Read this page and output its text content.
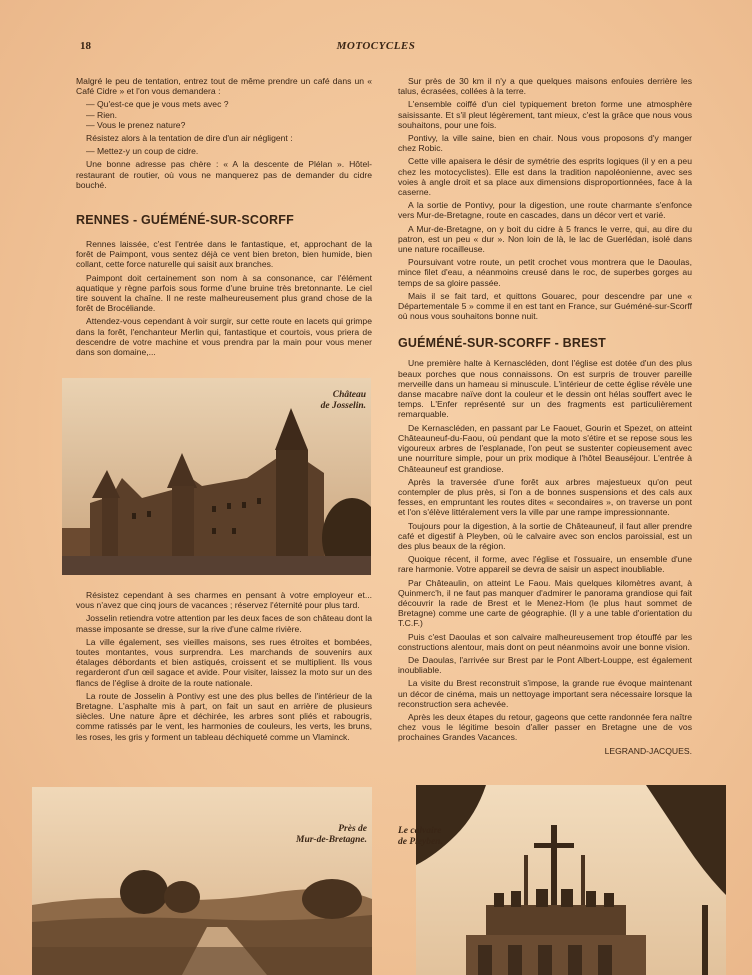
18	MOTOCYCLES

Malgré le peu de tentation, entrez tout de même prendre un café dans un « Café Cidre » et l'on vous demandera :

— Qu'est-ce que je vous mets avec ?

— Rien.

— Vous le prenez nature?

Résistez alors à la tentation de dire d'un air négligent :

— Mettez-y un coup de cidre.

Une bonne adresse pas chère : « A la descente de Plélan ». Hôtel-restaurant de routier, où vous ne manquerez pas de demander du cidre bouché.

RENNES - GUÉMÉNÉ-SUR-SCORFF

Rennes laissée, c'est l'entrée dans le fantastique, et, approchant de la forêt de Paimpont, vous sentez déjà ce vent bien breton, bien humide, bien collant, cette force naturelle qui saisit aux branches.

Paimpont doit certainement son nom à sa consonance, car l'élément aquatique y règne parfois sous forme d'une bruine très bretonnante. Le ciel tire souvent la chaîne. Il ne reste malheureusement plus grand chose de la forêt de Brocéliande.

Attendez-vous cependant à voir surgir, sur cette route en lacets qui grimpe dans la forêt, l'enchanteur Merlin qui, fantastique et courtois, vous priera de descendre de votre machine et vous prendra par la main pour vous mener dans son domaine,...

Château
de Josselin.

Résistez cependant à ses charmes en pensant à votre employeur et... vous n'avez que cinq jours de vacances ; réservez l'éternité pour plus tard.

Josselin retiendra votre attention par les deux faces de son château dont la masse imposante se dresse, sur la rive d'une calme rivière.

La ville également, ses vieilles maisons, ses rues étroites et bombées, toutes montantes, vous surprendra. Les marchands de souvenirs aux étalages débordants et bien astiqués, croissent et se multiplient. Ils vous regarderont d'un œil sagace et avide. Pour visiter, laissez la moto sur un des flancs de l'église à droite de la route nationale.

La route de Josselin à Pontivy est une des plus belles de l'intérieur de la Bretagne. L'asphalte mis à part, on fait un saut en arrière de plusieurs siècles. Une nature âpre et déchirée, les arbres sont pliés et rabougris, comme ratissés par le vent, les harmonies de couleurs, les verts, les bruns, les roses, les gris y forment un tableau déchiqueté comme un Vlaminck.

Sur près de 30 km il n'y a que quelques maisons enfouies derrière les talus, écrasées, collées à la terre.

L'ensemble coiffé d'un ciel typiquement breton forme une atmosphère saisissante. Et s'il pleut légèrement, tant mieux, c'est la grâce que nous vous souhaitons, pour une fois.

Pontivy, la ville saine, bien en chair. Nous vous proposons d'y manger chez Robic.

Cette ville apaisera le désir de symétrie des esprits logiques (il y en a peu chez les motocyclistes). Elle est dans la tradition napoléonienne, avec ses voies à angle droit et sa place aux dimensions disproportionnées, face à la caserne.

A la sortie de Pontivy, pour la digestion, une route charmante s'enfonce vers Mur-de-Bretagne, route en cascades, dans un décor vert et varié.

A Mur-de-Bretagne, on y boit du cidre à 5 francs le verre, qui, au dire du patron, est un peu « dur ». Non loin de là, le lac de Guerlédan, isolé dans une nature rocailleuse.

Poursuivant votre route, un petit crochet vous montrera que le Daoulas, mince filet d'eau, a néanmoins creusé dans le roc, de superbes gorges au temps de sa gloire passée.

Mais il se fait tard, et quittons Gouarec, pour descendre par une « Départementale 5 » comme il en est tant en France, sur Guéméné-sur-Scorff où nous vous souhaitons bonne nuit.

GUÉMÉNÉ-SUR-SCORFF - BREST

Une première halte à Kernascléden, dont l'église est dotée d'un des plus beaux porches que nous connaissons. On est surpris de trouver pareille merveille dans un hameau si minuscule. L'intérieur de cette église révèle une danse macabre naïve dont la couleur et le dessin ont hélas souffert avec le temps. L'Enfer représenté sur un des fragments est particulièrement remarquable.

De Kernascléden, en passant par Le Faouet, Gourin et Spezet, on atteint Châteauneuf-du-Faou, où pendant que la moto s'étire et se repose sous les vigoureux arbres de l'esplanade, l'on peut se sustenter copieusement avec une nourriture simple, pour un prix modique à l'hôtel Beauséjour. L'entrée à Châteauneuf est grandiose.

Après la traversée d'une forêt aux arbres majestueux qu'on peut contempler de plus près, si l'on a de bonnes suspensions et des cals aux fesses, en empruntant les routes dites « secondaires », on traverse un pont et l'on s'élève littéralement vers la ville par une rampe impressionnante.

Toujours pour la digestion, à la sortie de Châteauneuf, il faut aller prendre café et digestif à Pleyben, où le calvaire avec son enclos paroissial, est un des plus beaux de la région.

Quoique récent, il forme, avec l'église et l'ossuaire, un ensemble d'une rare harmonie. Votre appareil se devra de saisir un aspect inoubliable.

Par Châteaulin, on atteint Le Faou. Mais quelques kilomètres avant, à Quinmerc'h, il ne faut pas manquer d'admirer le panorama grandiose qui fait découvrir la rade de Brest et le Menez-Hom (le plus haut sommet de Bretagne) comme une carte de géographie. (Il y a une table d'orientation du T.C.F.)

Puis c'est Daoulas et son calvaire malheureusement trop étouffé par les constructions alentour, mais dont on peut néanmoins avoir une bonne vision.

De Daoulas, l'arrivée sur Brest par le Pont Albert-Louppe, est également inoubliable.

La visite du Brest reconstruit s'impose, la grande rue évoque maintenant un décor de cinéma, mais un nettoyage important sera nécessaire lorsque la reconstruction sera achevée.

Après les deux étapes du retour, gageons que cette randonnée fera naître chez vous le légitime besoin d'aller passer en Bretagne une de vos prochaines Grandes Vacances.

LEGRAND-JACQUES.
Près de
Mur-de-Bretagne.
Le calvaire
de Pleyben.
